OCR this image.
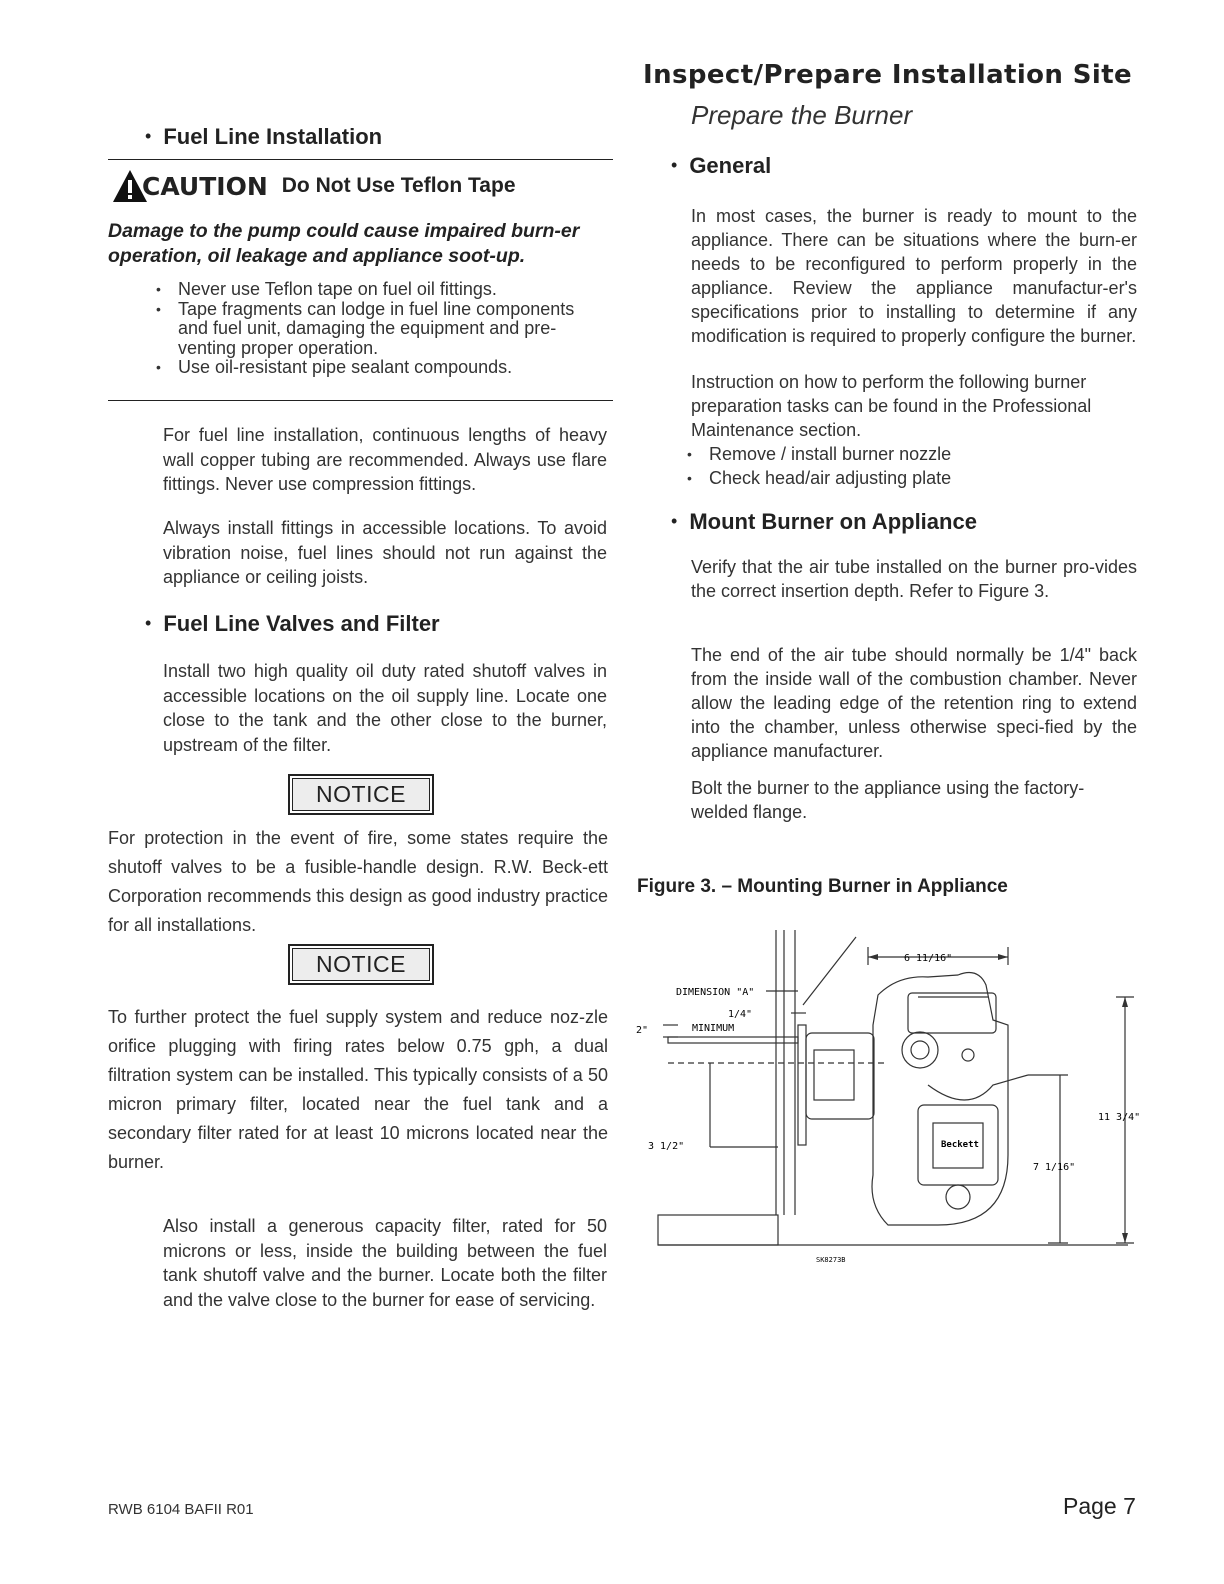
• Fuel Line Installation
CAUTION Do Not Use Teflon Tape
Damage to the pump could cause impaired burn-er operation, oil leakage and appliance soot-up.
• Never use Teflon tape on fuel oil fittings.
• Tape fragments can lodge in fuel line components and fuel unit, damaging the equipment and pre-venting proper operation.
• Use oil-resistant pipe sealant compounds.
For fuel line installation, continuous lengths of heavy wall copper tubing are recommended. Always use flare fittings. Never use compression fittings.
Always install fittings in accessible locations. To avoid vibration noise, fuel lines should not run against the appliance or ceiling joists.
• Fuel Line Valves and Filter
Install two high quality oil duty rated shutoff valves in accessible locations on the oil supply line. Locate one close to the tank and the other close to the burner, upstream of the filter.
NOTICE
For protection in the event of fire, some states require the shutoff valves to be a fusible-handle design. R.W. Beck-ett Corporation recommends this design as good industry practice for all installations.
NOTICE
To further protect the fuel supply system and reduce noz-zle orifice plugging with firing rates below 0.75 gph, a dual filtration system can be installed. This typically consists of a 50 micron primary filter, located near the fuel tank and a secondary filter rated for at least 10 microns located near the burner.
Also install a generous capacity filter, rated for 50 microns or less, inside the building between the fuel tank shutoff valve and the burner. Locate both the filter and the valve close to the burner for ease of servicing.
Inspect/Prepare Installation Site
Prepare the Burner
• General
In most cases, the burner is ready to mount to the appliance. There can be situations where the burn-er needs to be reconfigured to perform properly in the appliance. Review the appliance manufactur-er's specifications prior to installing to determine if any modification is required to properly configure the burner.
Instruction on how to perform the following burner preparation tasks can be found in the Professional Maintenance section.
• Remove / install burner nozzle
• Check head/air adjusting plate
• Mount Burner on Appliance
Verify that the air tube installed on the burner pro-vides the correct insertion depth. Refer to Figure 3.
The end of the air tube should normally be 1/4" back from the inside wall of the combustion chamber. Never allow the leading edge of the retention ring to extend into the chamber, unless otherwise speci-fied by the appliance manufacturer.
Bolt the burner to the appliance using the factory-welded flange.
Figure 3. – Mounting Burner in Appliance
6 11/16"
DIMENSION "A"
1/4"
MINIMUM
2"
3 1/2"
7 1/16"
11 3/4"
Beckett
SK8273B
RWB 6104 BAFII R01	Page 7
